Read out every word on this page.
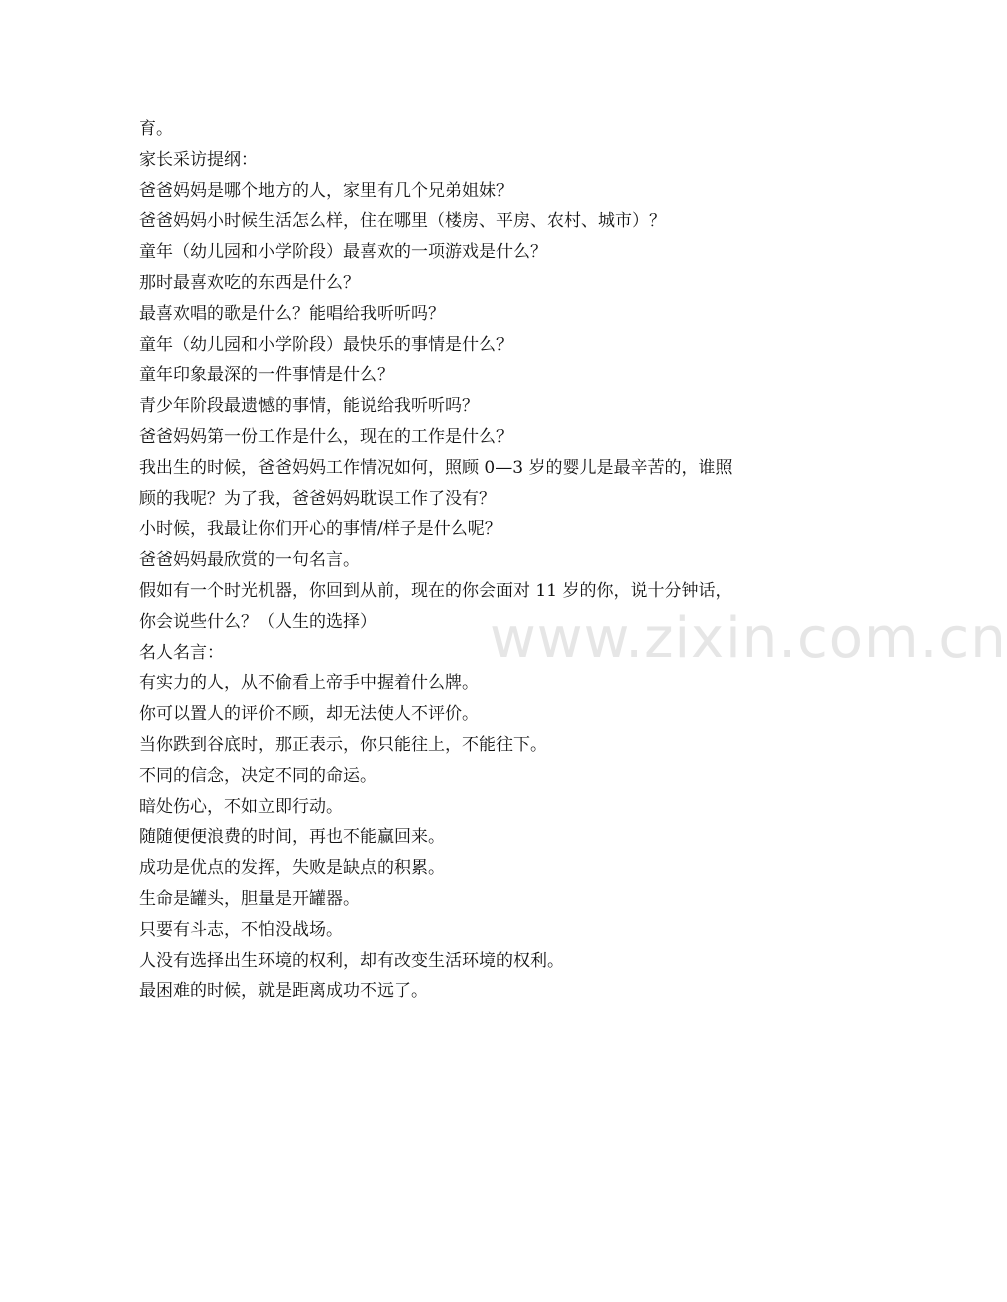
育。
家长采访提纲：
爸爸妈妈是哪个地方的人，家里有几个兄弟姐妹？
爸爸妈妈小时候生活怎么样，住在哪里（楼房、平房、农村、城市）？
童年（幼儿园和小学阶段）最喜欢的一项游戏是什么？
那时最喜欢吃的东西是什么？
最喜欢唱的歌是什么？能唱给我听听吗？
童年（幼儿园和小学阶段）最快乐的事情是什么？
童年印象最深的一件事情是什么？
青少年阶段最遗憾的事情，能说给我听听吗？
爸爸妈妈第一份工作是什么，现在的工作是什么？
我出生的时候，爸爸妈妈工作情况如何，照顾 0—3 岁的婴儿是最辛苦的，谁照
顾的我呢？为了我，爸爸妈妈耽误工作了没有？
小时候，我最让你们开心的事情/样子是什么呢？
爸爸妈妈最欣赏的一句名言。
假如有一个时光机器，你回到从前，现在的你会面对 11 岁的你，说十分钟话，
你会说些什么？（人生的选择）
名人名言：
有实力的人，从不偷看上帝手中握着什么牌。
你可以置人的评价不顾，却无法使人不评价。
当你跌到谷底时，那正表示，你只能往上，不能往下。
不同的信念，决定不同的命运。
暗处伤心，不如立即行动。
随随便便浪费的时间，再也不能赢回来。
成功是优点的发挥，失败是缺点的积累。
生命是罐头，胆量是开罐器。
只要有斗志，不怕没战场。
人没有选择出生环境的权利，却有改变生活环境的权利。
最困难的时候，就是距离成功不远了。
www.zixin.com.cn
